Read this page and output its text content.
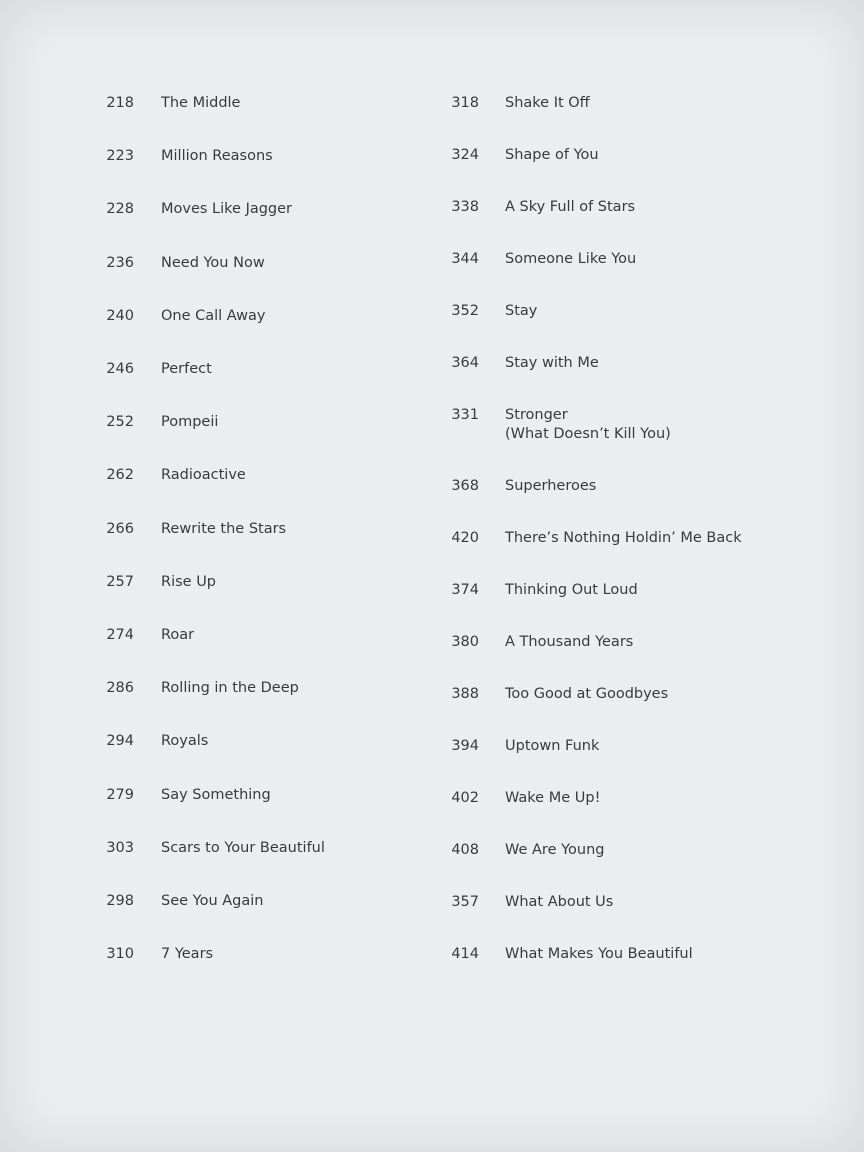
218 The Middle
223 Million Reasons
228 Moves Like Jagger
236 Need You Now
240 One Call Away
246 Perfect
252 Pompeii
262 Radioactive
266 Rewrite the Stars
257 Rise Up
274 Roar
286 Rolling in the Deep
294 Royals
279 Say Something
303 Scars to Your Beautiful
298 See You Again
310 7 Years
318 Shake It Off
324 Shape of You
338 A Sky Full of Stars
344 Someone Like You
352 Stay
364 Stay with Me
331 Stronger
(What Doesn’t Kill You)
368 Superheroes
420 There’s Nothing Holdin’ Me Back
374 Thinking Out Loud
380 A Thousand Years
388 Too Good at Goodbyes
394 Uptown Funk
402 Wake Me Up!
408 We Are Young
357 What About Us
414 What Makes You Beautiful
